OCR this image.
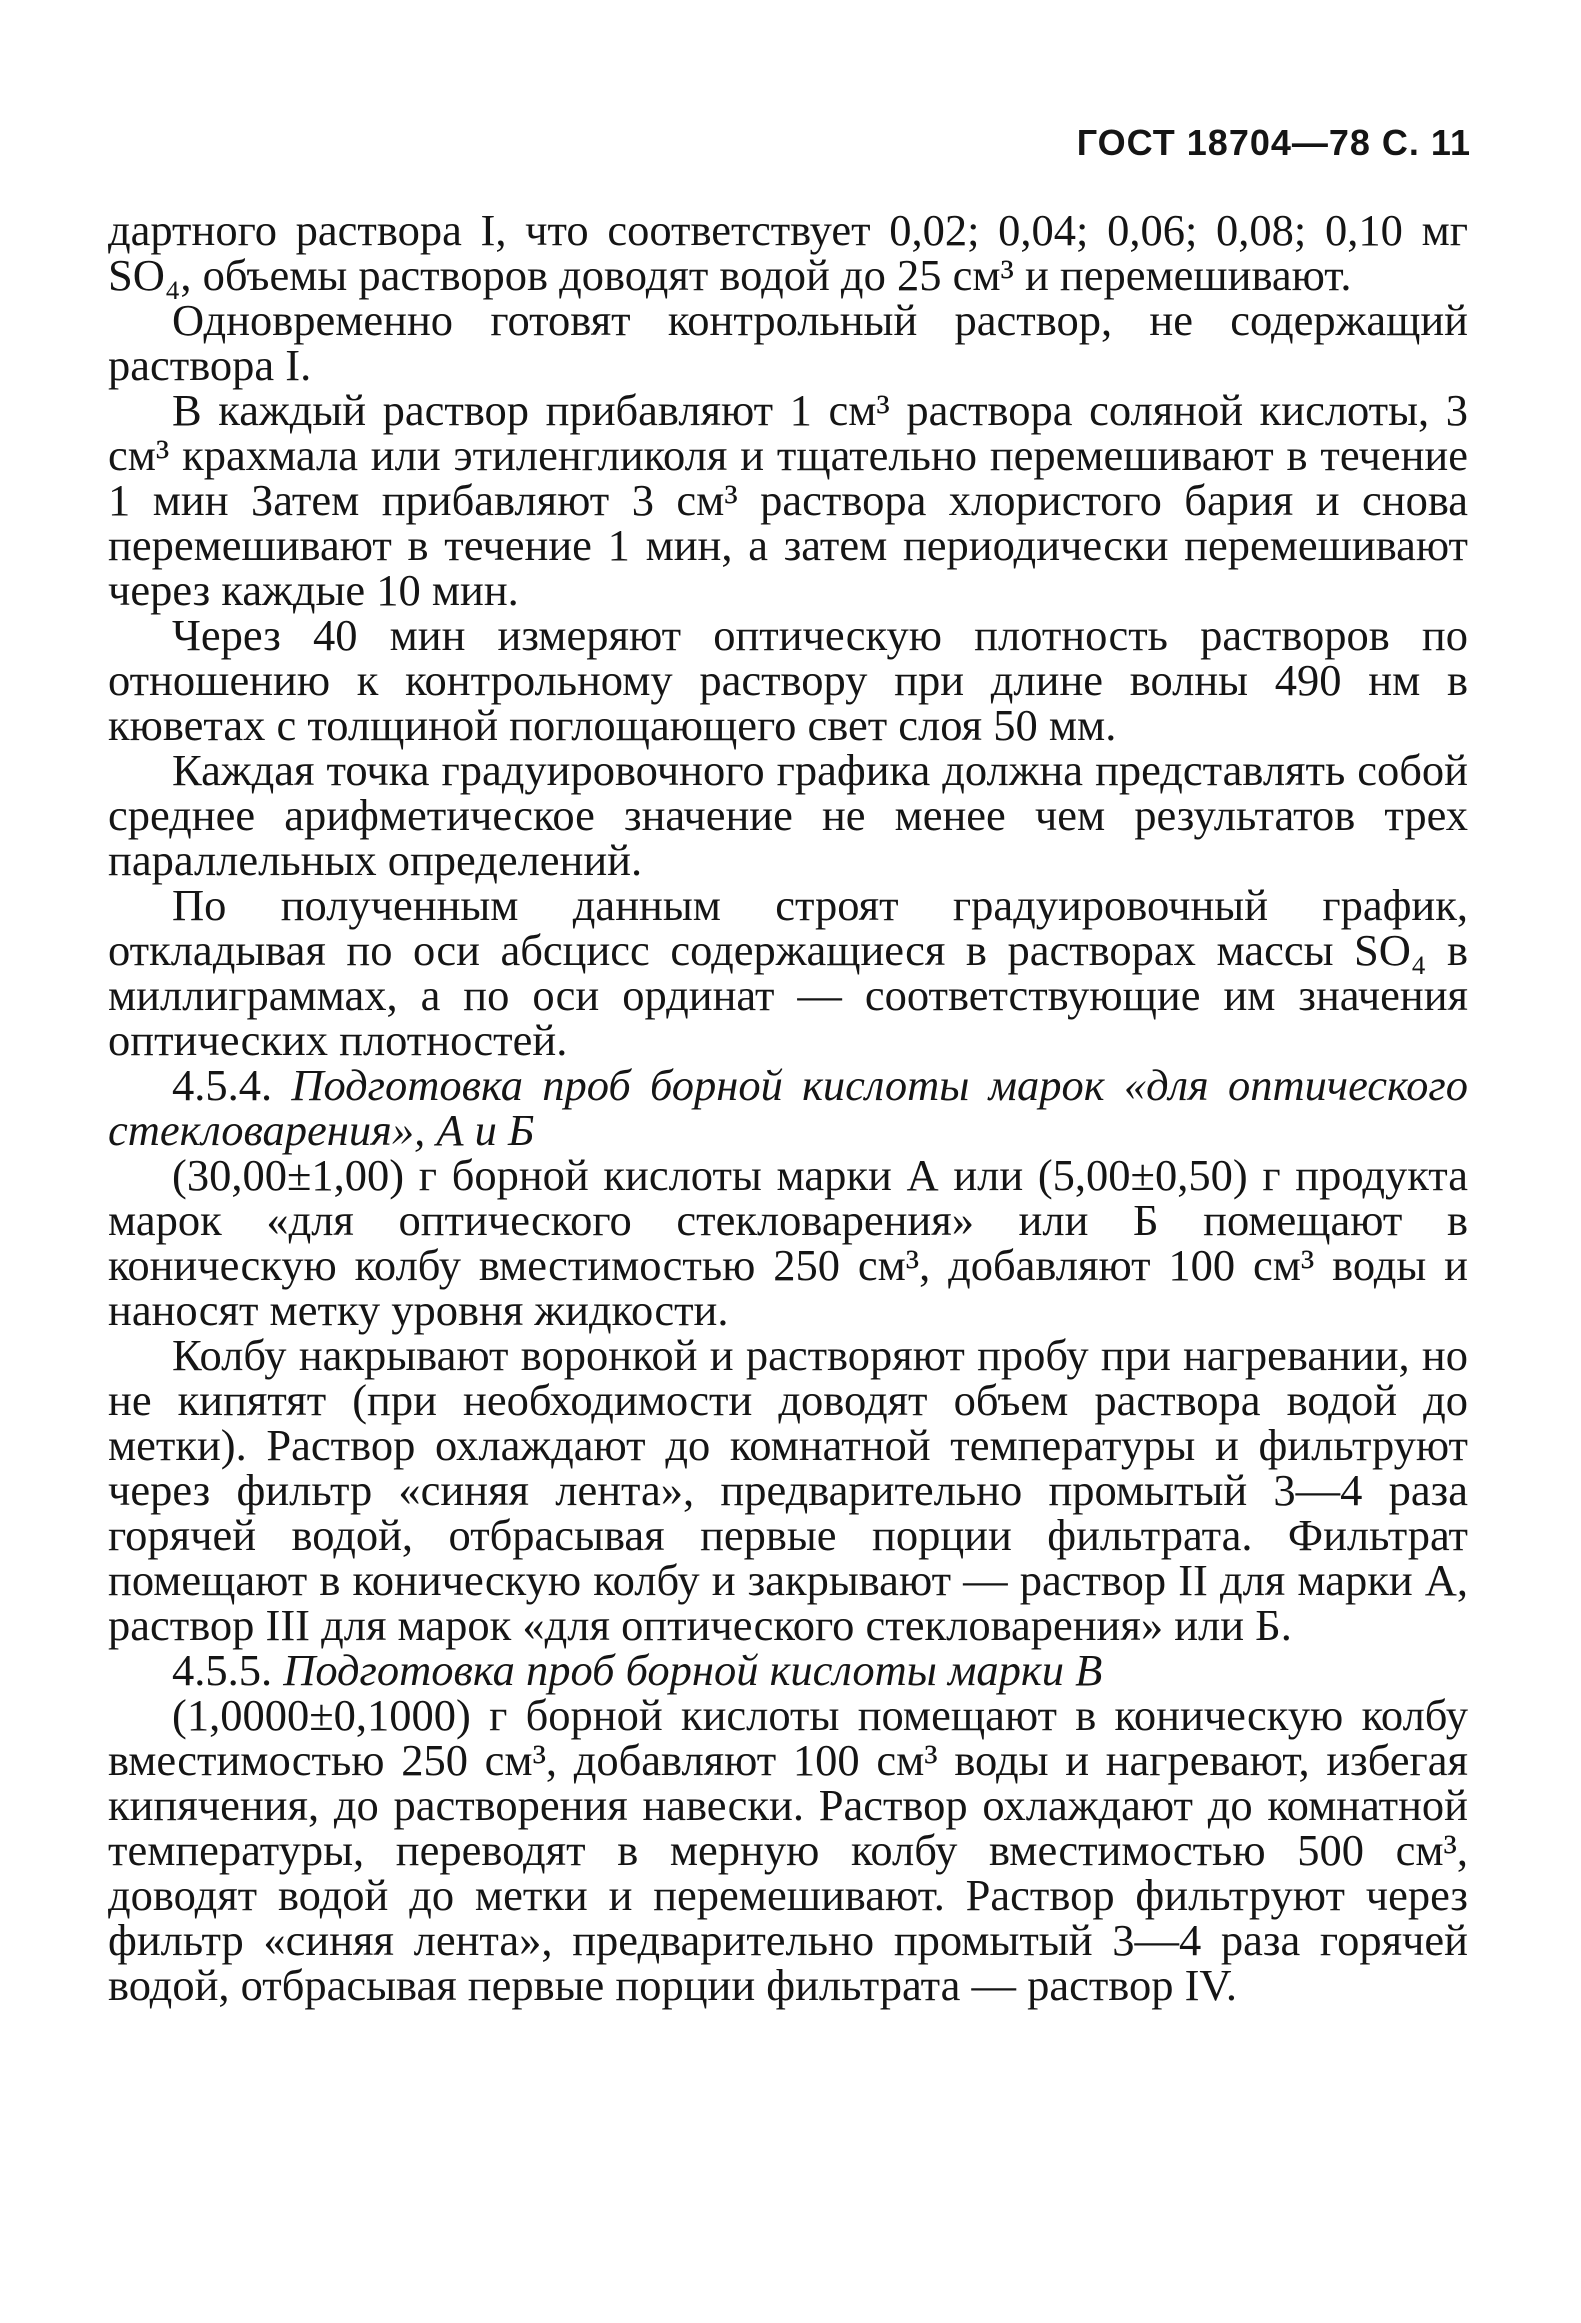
ГОСТ 18704—78 С. 11

дартного раствора I, что соответствует 0,02; 0,04; 0,06; 0,08; 0,10 мг SO₄, объемы растворов доводят водой до 25 см³ и перемешивают.

Одновременно готовят контрольный раствор, не содержащий раствора I.

В каждый раствор прибавляют 1 см³ раствора соляной кислоты, 3 см³ крахмала или этиленгликоля и тщательно перемешивают в течение 1 мин Затем прибавляют 3 см³ раствора хлористого бария и снова перемешивают в течение 1 мин, а затем периодически перемешивают через каждые 10 мин.

Через 40 мин измеряют оптическую плотность растворов по отношению к контрольному раствору при длине волны 490 нм в кюветах с толщиной поглощающего свет слоя 50 мм.

Каждая точка градуировочного графика должна представлять собой среднее арифметическое значение не менее чем результатов трех параллельных определений.

По полученным данным строят градуировочный график, откладывая по оси абсцисс содержащиеся в растворах массы SO₄ в миллиграммах, а по оси ординат — соответствующие им значения оптических плотностей.

4.5.4. Подготовка проб борной кислоты марок «для оптического стекловарения», А и Б

(30,00±1,00) г борной кислоты марки А или (5,00±0,50) г продукта марок «для оптического стекловарения» или Б помещают в коническую колбу вместимостью 250 см³, добавляют 100 см³ воды и наносят метку уровня жидкости.

Колбу накрывают воронкой и растворяют пробу при нагревании, но не кипятят (при необходимости доводят объем раствора водой до метки). Раствор охлаждают до комнатной температуры и фильтруют через фильтр «синяя лента», предварительно промытый 3—4 раза горячей водой, отбрасывая первые порции фильтрата. Фильтрат помещают в коническую колбу и закрывают — раствор II для марки А, раствор III для марок «для оптического стекловарения» или Б.

4.5.5. Подготовка проб борной кислоты марки В

(1,0000±0,1000) г борной кислоты помещают в коническую колбу вместимостью 250 см³, добавляют 100 см³ воды и нагревают, избегая кипячения, до растворения навески. Раствор охлаждают до комнатной температуры, переводят в мерную колбу вместимостью 500 см³, доводят водой до метки и перемешивают. Раствор фильтруют через фильтр «синяя лента», предварительно промытый 3—4 раза горячей водой, отбрасывая первые порции фильтрата — раствор IV.
